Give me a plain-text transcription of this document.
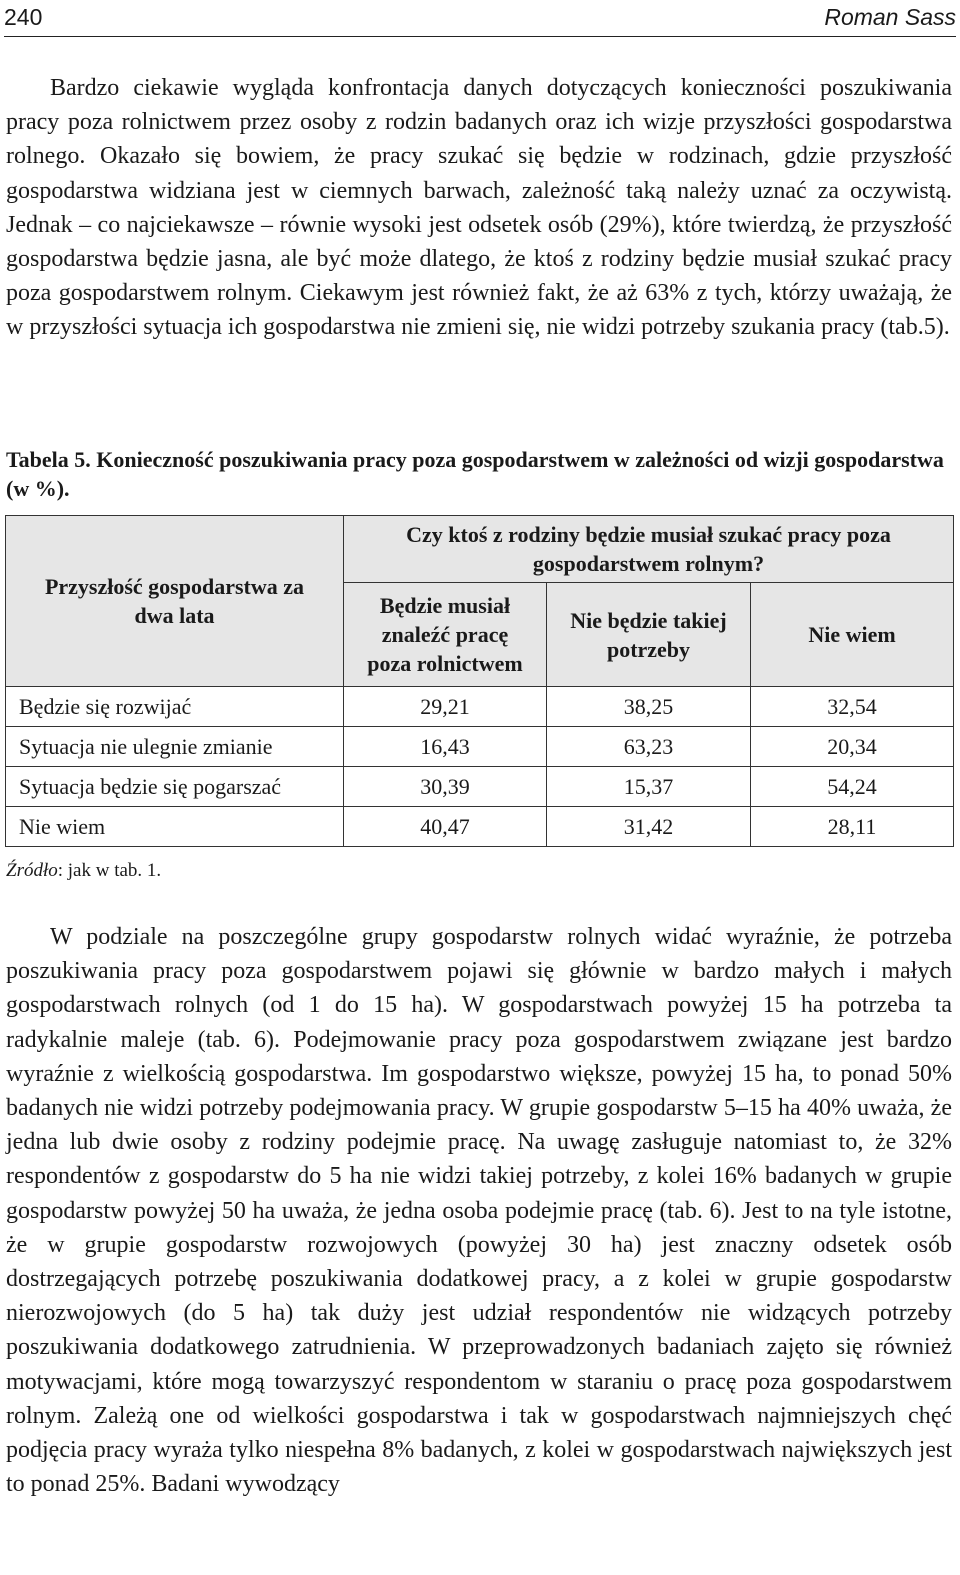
240	Roman Sass

Bardzo ciekawie wygląda konfrontacja danych dotyczących konieczności poszukiwania pracy poza rolnictwem przez osoby z rodzin badanych oraz ich wizje przyszłości gospodarstwa rolnego. Okazało się bowiem, że pracy szukać się będzie w rodzinach, gdzie przyszłość gospodarstwa widziana jest w ciemnych barwach, zależność taką należy uznać za oczywistą. Jednak – co najciekawsze – równie wysoki jest odsetek osób (29%), które twierdzą, że przyszłość gospodarstwa będzie jasna, ale być może dlatego, że ktoś z rodziny będzie musiał szukać pracy poza gospodarstwem rolnym. Ciekawym jest również fakt, że aż 63% z tych, którzy uważają, że w przyszłości sytuacja ich gospodarstwa nie zmieni się, nie widzi potrzeby szukania pracy (tab.5).

Tabela 5. Konieczność poszukiwania pracy poza gospodarstwem w zależności od wizji gospodarstwa (w %).

Przyszłość gospodarstwa za dwa lata	Czy ktoś z rodziny będzie musiał szukać pracy poza gospodarstwem rolnym?		
	Będzie musiał znaleźć pracę poza rolnictwem	Nie będzie takiej potrzeby	Nie wiem
Będzie się rozwijać	29,21	38,25	32,54
Sytuacja nie ulegnie zmianie	16,43	63,23	20,34
Sytuacja będzie się pogarszać	30,39	15,37	54,24
Nie wiem	40,47	31,42	28,11
Źródło: jak w tab. 1.

W podziale na poszczególne grupy gospodarstw rolnych widać wyraźnie, że potrzeba poszukiwania pracy poza gospodarstwem pojawi się głównie w bardzo małych i małych gospodarstwach rolnych (od 1 do 15 ha). W gospodarstwach powyżej 15 ha potrzeba ta radykalnie maleje (tab. 6). Podejmowanie pracy poza gospodarstwem związane jest bardzo wyraźnie z wielkością gospodarstwa. Im gospodarstwo większe, powyżej 15 ha, to ponad 50% badanych nie widzi potrzeby podejmowania pracy. W grupie gospodarstw 5–15 ha 40% uważa, że jedna lub dwie osoby z rodziny podejmie pracę. Na uwagę zasługuje natomiast to, że 32% respondentów z gospodarstw do 5 ha nie widzi takiej potrzeby, z kolei 16% badanych w grupie gospodarstw powyżej 50 ha uważa, że jedna osoba podejmie pracę (tab. 6). Jest to na tyle istotne, że w grupie gospodarstw rozwojowych (powyżej 30 ha) jest znaczny odsetek osób dostrzegających potrzebę poszukiwania dodatkowej pracy, a z kolei w grupie gospodarstw nierozwojowych (do 5 ha) tak duży jest udział respondentów nie widzących potrzeby poszukiwania dodatkowego zatrudnienia. W przeprowadzonych badaniach zajęto się również motywacjami, które mogą towarzyszyć respondentom w staraniu o pracę poza gospodarstwem rolnym. Zależą one od wielkości gospodarstwa i tak w gospodarstwach najmniejszych chęć podjęcia pracy wyraża tylko niespełna 8% badanych, z kolei w gospodarstwach największych jest to ponad 25%. Badani wywodzący
